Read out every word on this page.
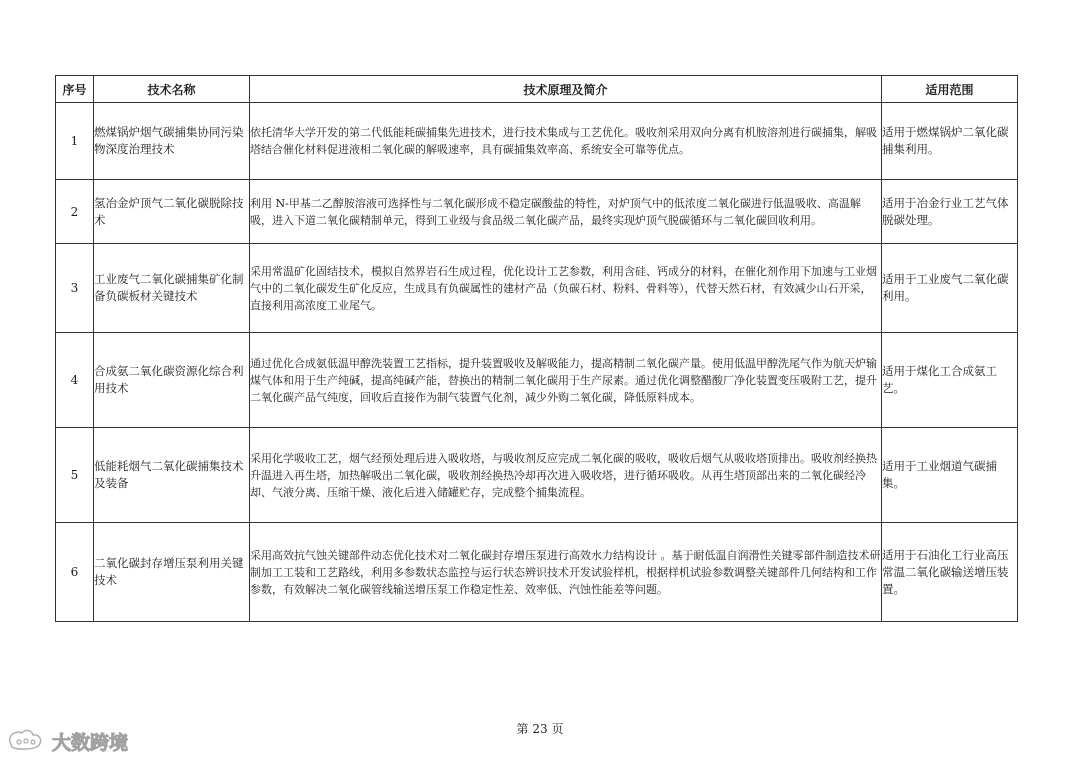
序号	技术名称	技术原理及简介	适用范围
1	燃煤锅炉烟气碳捕集协同污染物深度治理技术	依托清华大学开发的第二代低能耗碳捕集先进技术，进行技术集成与工艺优化。吸收剂采用双向分离有机胺溶剂进行碳捕集，解吸塔结合催化材料促进液相二氧化碳的解吸速率，具有碳捕集效率高、系统安全可靠等优点。	适用于燃煤锅炉二氧化碳捕集利用。
2	氢冶金炉顶气二氧化碳脱除技术	利用 N-甲基二乙醇胺溶液可选择性与二氧化碳形成不稳定碳酸盐的特性，对炉顶气中的低浓度二氧化碳进行低温吸收、高温解吸，进入下道二氧化碳精制单元，得到工业级与食品级二氧化碳产品，最终实现炉顶气脱碳循环与二氧化碳回收利用。	适用于冶金行业工艺气体脱碳处理。
3	工业废气二氧化碳捕集矿化制备负碳板材关键技术	采用常温矿化固结技术，模拟自然界岩石生成过程，优化设计工艺参数，利用含硅、钙成分的材料，在催化剂作用下加速与工业烟气中的二氧化碳发生矿化反应，生成具有负碳属性的建材产品（负碳石材、粉料、骨料等），代替天然石材，有效减少山石开采，直接利用高浓度工业尾气。	适用于工业废气二氧化碳利用。
4	合成氨二氧化碳资源化综合利用技术	通过优化合成氨低温甲醇洗装置工艺指标，提升装置吸收及解吸能力，提高精制二氧化碳产量。使用低温甲醇洗尾气作为航天炉输煤气体和用于生产纯碱，提高纯碱产能，替换出的精制二氧化碳用于生产尿素。通过优化调整醋酸厂净化装置变压吸附工艺，提升二氧化碳产品气纯度，回收后直接作为制气装置气化剂，减少外购二氧化碳，降低原料成本。	适用于煤化工合成氨工艺。
5	低能耗烟气二氧化碳捕集技术及装备	采用化学吸收工艺，烟气经预处理后进入吸收塔，与吸收剂反应完成二氧化碳的吸收，吸收后烟气从吸收塔顶排出。吸收剂经换热升温进入再生塔，加热解吸出二氧化碳，吸收剂经换热冷却再次进入吸收塔，进行循环吸收。从再生塔顶部出来的二氧化碳经冷却、气液分离、压缩干燥、液化后进入储罐贮存，完成整个捕集流程。	适用于工业烟道气碳捕集。
6	二氧化碳封存增压泵利用关键技术	采用高效抗气蚀关键部件动态优化技术对二氧化碳封存增压泵进行高效水力结构设计 。基于耐低温自润滑性关键零部件制造技术研制加工工装和工艺路线，利用多参数状态监控与运行状态辨识技术开发试验样机，根据样机试验参数调整关键部件几何结构和工作参数，有效解决二氧化碳管线输送增压泵工作稳定性差、效率低、汽蚀性能差等问题。	适用于石油化工行业高压常温二氧化碳输送增压装置。
第 23 页
大数跨境
